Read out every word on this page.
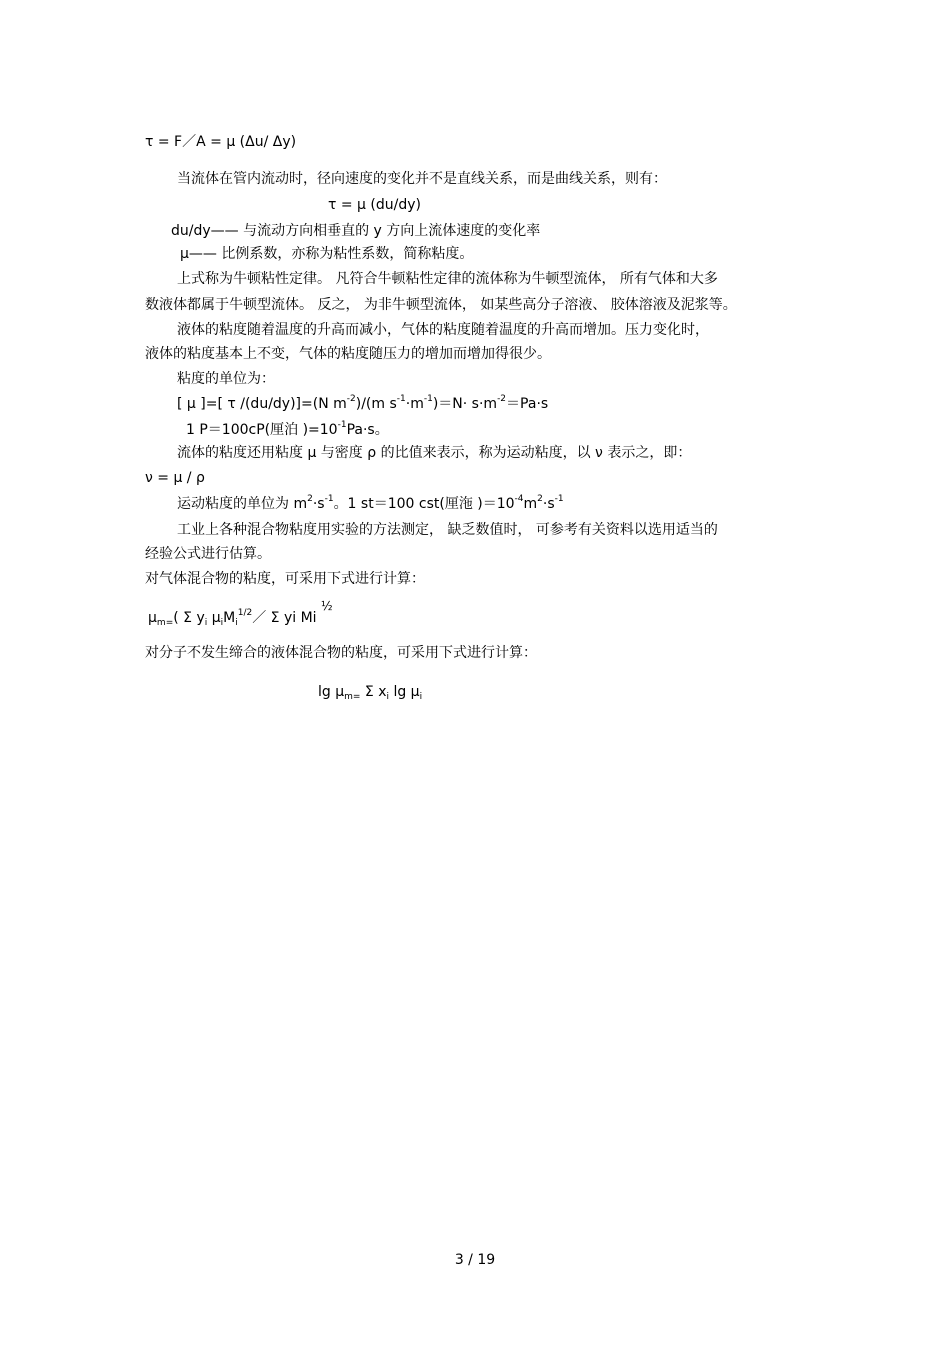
τ = F／A = μ (Δu/ Δy)
当流体在管内流动时，径向速度的变化并不是直线关系，而是曲线关系，则有：
τ = μ (du/dy)
du/dy—— 与流动方向相垂直的 y 方向上流体速度的变化率
μ—— 比例系数，亦称为粘性系数，简称粘度。
上式称为牛顿粘性定律。 凡符合牛顿粘性定律的流体称为牛顿型流体， 所有气体和大多
数液体都属于牛顿型流体。 反之， 为非牛顿型流体， 如某些高分子溶液、 胶体溶液及泥浆等。
液体的粘度随着温度的升高而减小，气体的粘度随着温度的升高而增加。压力变化时，
液体的粘度基本上不变，气体的粘度随压力的增加而增加得很少。
粘度的单位为：
[ μ ]=[ τ /(du/dy)]=(N $m^{-2})/(m$ $s^{-1}\cdot m^{-1})=N\cdot s\cdot m^{-2}=Pa\cdot s$
1 P＝100cP(厘泊 )$=10^{-1}Pa\cdot s$。
流体的粘度还用粘度 μ 与密度 ρ 的比值来表示，称为运动粘度，以 ν 表示之，即：
ν = μ / ρ
运动粘度的单位为 $m^2\cdot s^{-1}$。1 st＝100 cst(厘沲 )$=10^{-4}m^2\cdot s^{-1}$
工业上各种混合物粘度用实验的方法测定， 缺乏数值时， 可参考有关资料以选用适当的
经验公式进行估算。
对气体混合物的粘度，可采用下式进行计算：
$\mu_{m=}$( Σ $y_i$ $\mu_iM_i^{1/2}/$ Σ yi Mi ½
对分子不发生缔合的液体混合物的粘度，可采用下式进行计算：
$\lg \mu_{m=}$ Σ $x_i$ $\lg \mu_i$
3 / 19
